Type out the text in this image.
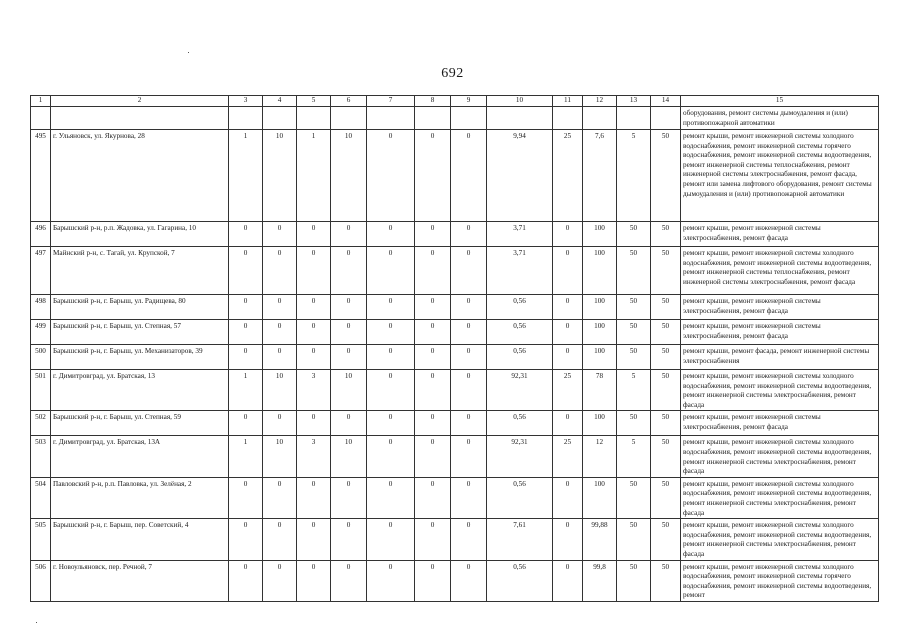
692
1	2	3	4	5	6	7	8	9	10	11	12	13	14	15
														оборудования, ремонт системы дымоудаления и (или) противопожарной автоматики
495	г. Ульяновск, ул. Якурнова, 28	1	10	1	10	0	0	0	9,94	25	7,6	5	50	ремонт крыши, ремонт инженерной системы холодного водоснабжения, ремонт инженерной системы горячего водоснабжения, ремонт инженерной системы водоотведения, ремонт инженерной системы теплоснабжения, ремонт инженерной системы электроснабжения, ремонт фасада, ремонт или замена лифтового оборудования, ремонт системы дымоудаления и (или) противопожарной автоматики
496	Барышский р-н, р.п. Жадовка, ул. Гагарина, 10	0	0	0	0	0	0	0	3,71	0	100	50	50	ремонт крыши, ремонт инженерной системы электроснабжения, ремонт фасада
497	Майнский р-н, с. Тагай, ул. Крупской, 7	0	0	0	0	0	0	0	3,71	0	100	50	50	ремонт крыши, ремонт инженерной системы холодного водоснабжения, ремонт инженерной системы водоотведения, ремонт инженерной системы теплоснабжения, ремонт инженерной системы электроснабжения, ремонт фасада
498	Барышский р-н, г. Барыш, ул. Радищева, 80	0	0	0	0	0	0	0	0,56	0	100	50	50	ремонт крыши, ремонт инженерной системы электроснабжения, ремонт фасада
499	Барышский р-н, г. Барыш, ул. Степная, 57	0	0	0	0	0	0	0	0,56	0	100	50	50	ремонт крыши, ремонт инженерной системы электроснабжения, ремонт фасада
500	Барышский р-н, г. Барыш, ул. Механизаторов, 39	0	0	0	0	0	0	0	0,56	0	100	50	50	ремонт крыши, ремонт фасада, ремонт инженерной системы электроснабжения
501	г. Димитровград, ул. Братская, 13	1	10	3	10	0	0	0	92,31	25	78	5	50	ремонт крыши, ремонт инженерной системы холодного водоснабжения, ремонт инженерной системы водоотведения, ремонт инженерной системы электроснабжения, ремонт фасада
502	Барышский р-н, г. Барыш, ул. Степная, 59	0	0	0	0	0	0	0	0,56	0	100	50	50	ремонт крыши, ремонт инженерной системы электроснабжения, ремонт фасада
503	г. Димитровград, ул. Братская, 13А	1	10	3	10	0	0	0	92,31	25	12	5	50	ремонт крыши, ремонт инженерной системы холодного водоснабжения, ремонт инженерной системы водоотведения, ремонт инженерной системы электроснабжения, ремонт фасада
504	Павловский р-н, р.п. Павловка, ул. Зелёная, 2	0	0	0	0	0	0	0	0,56	0	100	50	50	ремонт крыши, ремонт инженерной системы холодного водоснабжения, ремонт инженерной системы водоотведения, ремонт инженерной системы электроснабжения, ремонт фасада
505	Барышский р-н, г. Барыш, пер. Советский, 4	0	0	0	0	0	0	0	7,61	0	99,88	50	50	ремонт крыши, ремонт инженерной системы холодного водоснабжения, ремонт инженерной системы водоотведения, ремонт инженерной системы электроснабжения, ремонт фасада
506	г. Новоульяновск, пер. Речной, 7	0	0	0	0	0	0	0	0,56	0	99,8	50	50	ремонт крыши, ремонт инженерной системы холодного водоснабжения, ремонт инженерной системы горячего водоснабжения, ремонт инженерной системы водоотведения, ремонт
